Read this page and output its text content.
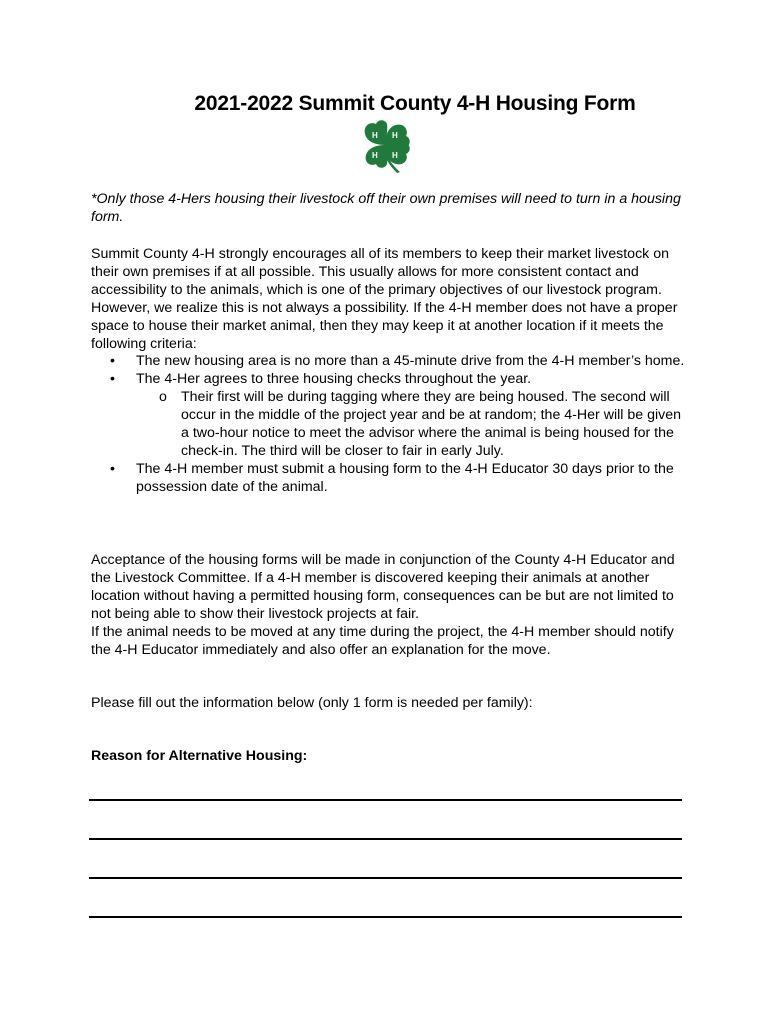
2021-2022 Summit County 4-H Housing Form
H H
H H
*Only those 4-Hers housing their livestock off their own premises will need to turn in a housing form.
Summit County 4-H strongly encourages all of its members to keep their market livestock on their own premises if at all possible. This usually allows for more consistent contact and accessibility to the animals, which is one of the primary objectives of our livestock program. However, we realize this is not always a possibility. If the 4-H member does not have a proper space to house their market animal, then they may keep it at another location if it meets the following criteria:
• The new housing area is no more than a 45-minute drive from the 4-H member’s home.
• The 4-Her agrees to three housing checks throughout the year.
o Their first will be during tagging where they are being housed. The second will occur in the middle of the project year and be at random; the 4-Her will be given a two-hour notice to meet the advisor where the animal is being housed for the check-in. The third will be closer to fair in early July.
• The 4-H member must submit a housing form to the 4-H Educator 30 days prior to the possession date of the animal.
Acceptance of the housing forms will be made in conjunction of the County 4-H Educator and the Livestock Committee. If a 4-H member is discovered keeping their animals at another location without having a permitted housing form, consequences can be but are not limited to not being able to show their livestock projects at fair.
If the animal needs to be moved at any time during the project, the 4-H member should notify the 4-H Educator immediately and also offer an explanation for the move.
Please fill out the information below (only 1 form is needed per family):
Reason for Alternative Housing:
